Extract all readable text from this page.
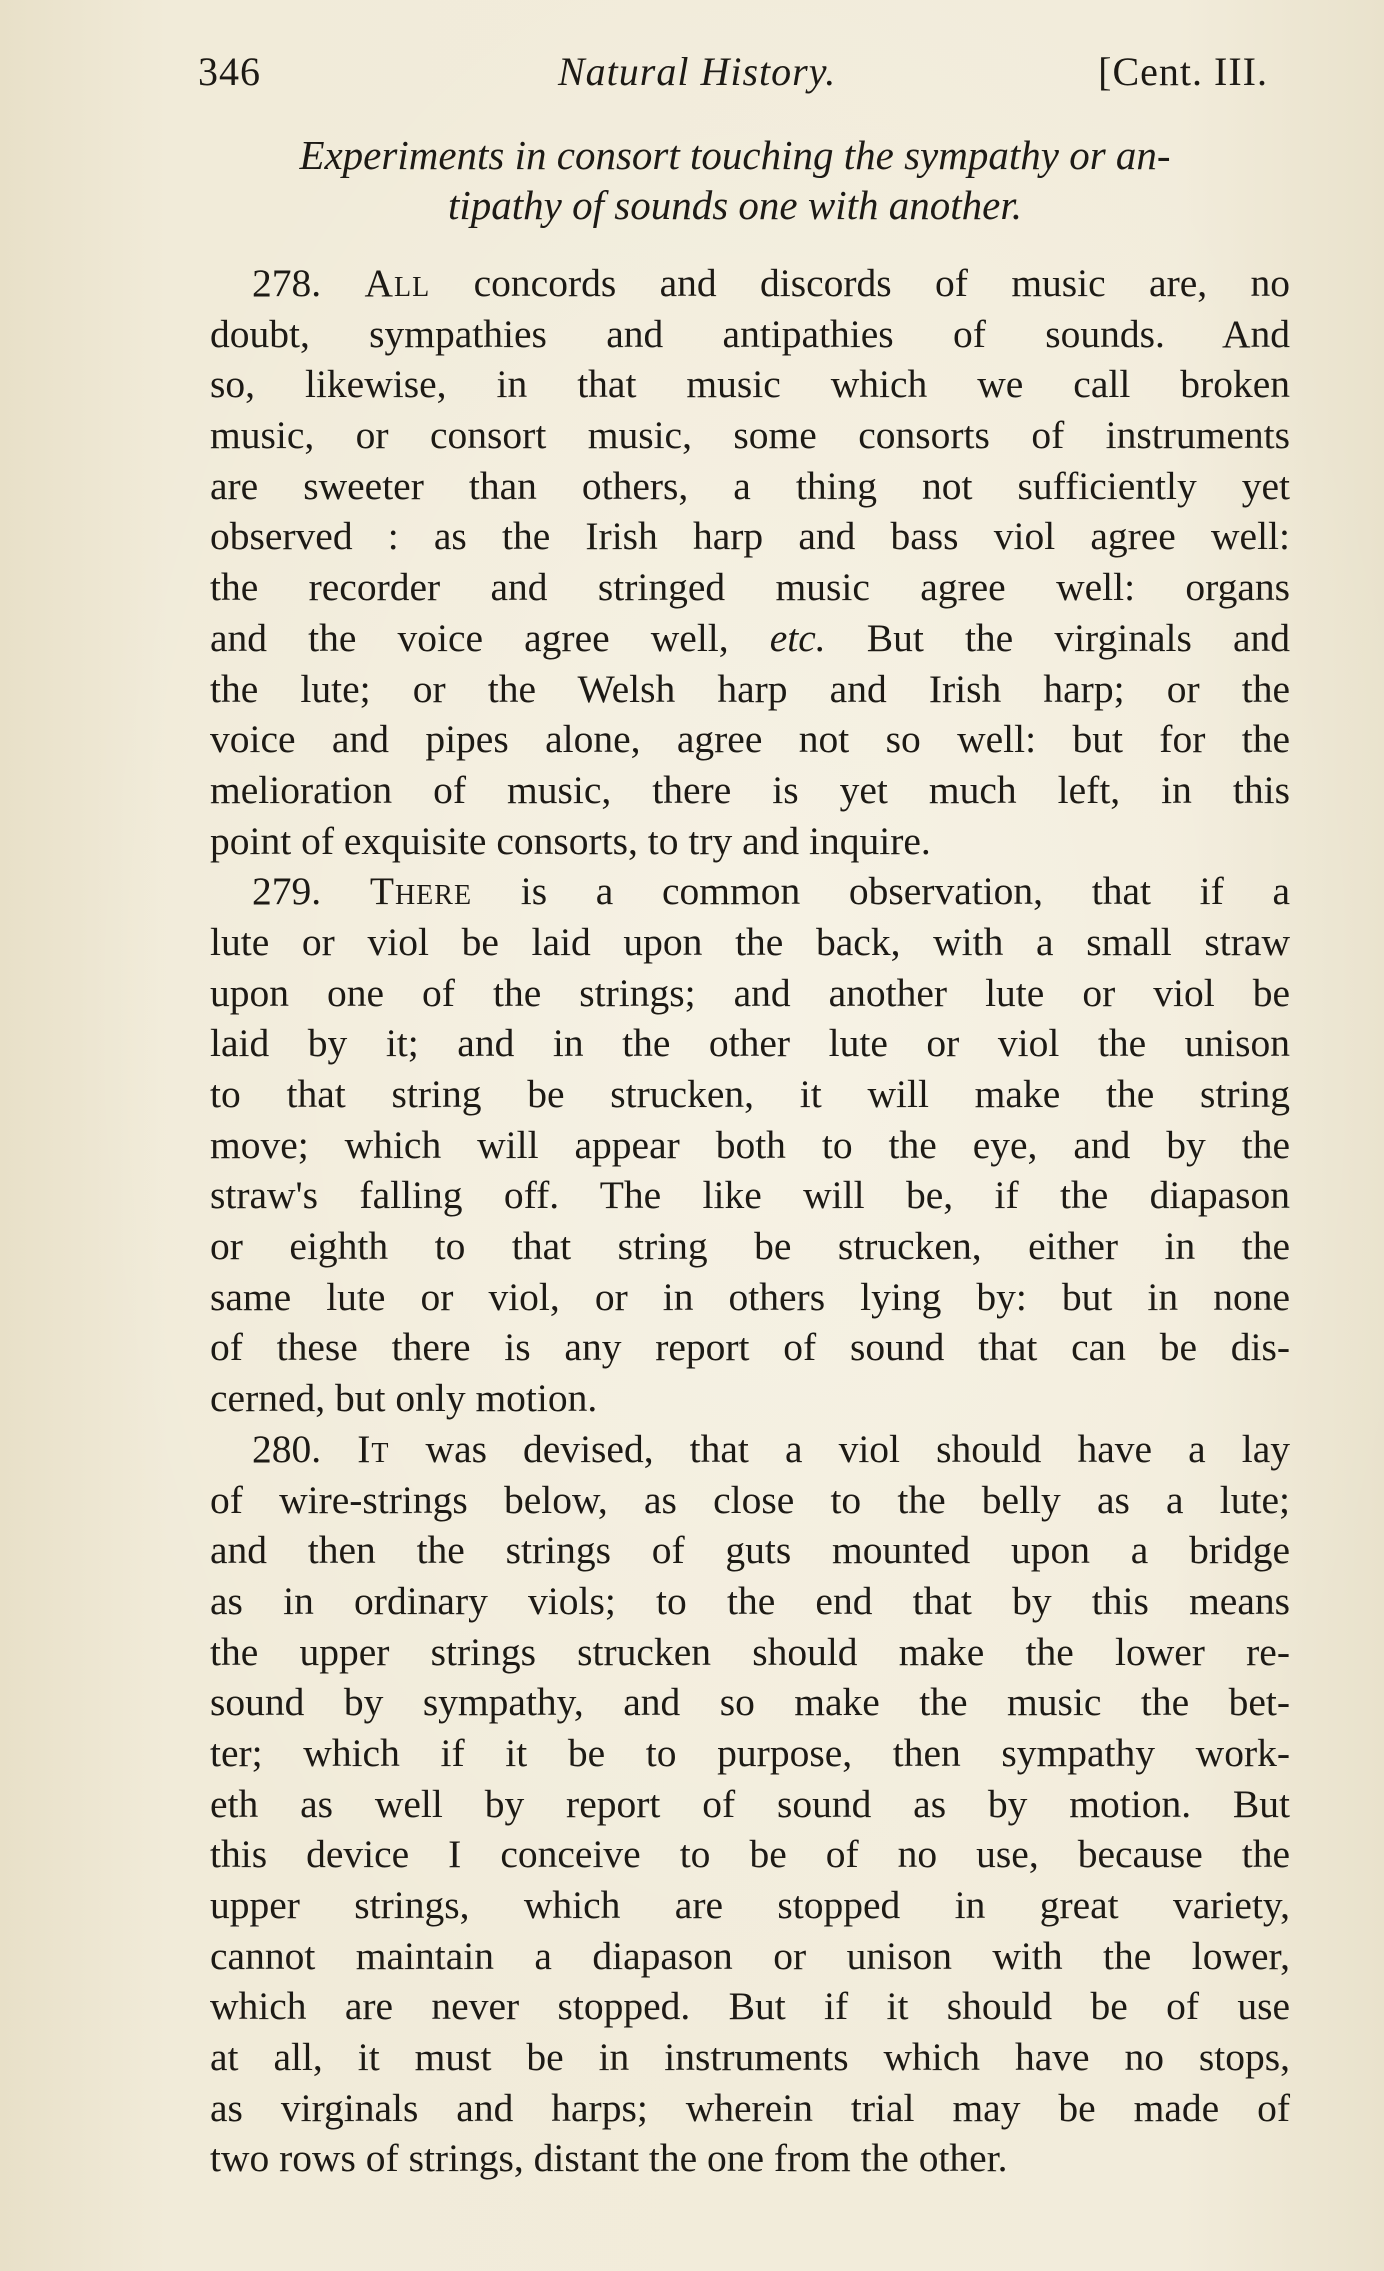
346	Natural History.	[Cent. III.
Experiments in consort touching the sympathy or an-
tipathy of sounds one with another.
278. All concords and discords of music are, no
doubt, sympathies and antipathies of sounds. And
so, likewise, in that music which we call broken
music, or consort music, some consorts of instruments
are sweeter than others, a thing not sufficiently yet
observed : as the Irish harp and bass viol agree well:
the recorder and stringed music agree well: organs
and the voice agree well, etc. But the virginals and
the lute; or the Welsh harp and Irish harp; or the
voice and pipes alone, agree not so well: but for the
melioration of music, there is yet much left, in this
point of exquisite consorts, to try and inquire.
279. There is a common observation, that if a
lute or viol be laid upon the back, with a small straw
upon one of the strings; and another lute or viol be
laid by it; and in the other lute or viol the unison
to that string be strucken, it will make the string
move; which will appear both to the eye, and by the
straw's falling off. The like will be, if the diapason
or eighth to that string be strucken, either in the
same lute or viol, or in others lying by: but in none
of these there is any report of sound that can be dis-
cerned, but only motion.
280. It was devised, that a viol should have a lay
of wire-strings below, as close to the belly as a lute;
and then the strings of guts mounted upon a bridge
as in ordinary viols; to the end that by this means
the upper strings strucken should make the lower re-
sound by sympathy, and so make the music the bet-
ter; which if it be to purpose, then sympathy work-
eth as well by report of sound as by motion. But
this device I conceive to be of no use, because the
upper strings, which are stopped in great variety,
cannot maintain a diapason or unison with the lower,
which are never stopped. But if it should be of use
at all, it must be in instruments which have no stops,
as virginals and harps; wherein trial may be made of
two rows of strings, distant the one from the other.
